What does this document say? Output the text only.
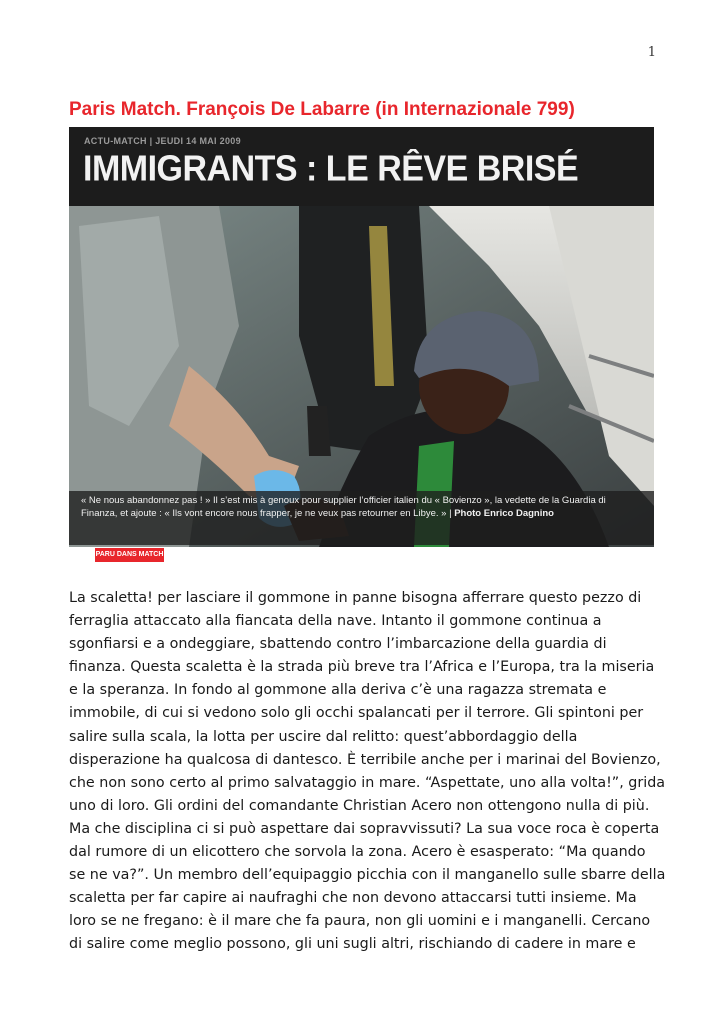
1
Paris Match. François De Labarre (in Internazionale 799)
ACTU-MATCH | JEUDI 14 MAI 2009
IMMIGRANTS : LE RÊVE BRISÉ
« Ne nous abandonnez pas ! » Il s’est mis à genoux pour supplier l’officier italien du « Bovienzo », la vedette de la Guardia di Finanza, et ajoute : « Ils vont encore nous frapper, je ne veux pas retourner en Libye. » | Photo Enrico Dagnino
PARU DANS MATCH
La scaletta! per lasciare il gommone in panne bisogna afferrare questo pezzo di
ferraglia attaccato alla fiancata della nave. Intanto il gommone continua a
sgonfiarsi e a ondeggiare, sbattendo contro l’imbarcazione della guardia di
finanza. Questa scaletta è la strada più breve tra l’Africa e l’Europa, tra la miseria
e la speranza. In fondo al gommone alla deriva c’è una ragazza stremata e
immobile, di cui si vedono solo gli occhi spalancati per il terrore. Gli spintoni per
salire sulla scala, la lotta per uscire dal relitto: quest’abbordaggio della
disperazione ha qualcosa di dantesco. È terribile anche per i marinai del Bovienzo,
che non sono certo al primo salvataggio in mare. “Aspettate, uno alla volta!”, grida
uno di loro. Gli ordini del comandante Christian Acero non ottengono nulla di più.
Ma che disciplina ci si può aspettare dai sopravvissuti? La sua voce roca è coperta
dal rumore di un elicottero che sorvola la zona. Acero è esasperato: “Ma quando
se ne va?”. Un membro dell’equipaggio picchia con il manganello sulle sbarre della
scaletta per far capire ai naufraghi che non devono attaccarsi tutti insieme. Ma
loro se ne fregano: è il mare che fa paura, non gli uomini e i manganelli. Cercano
di salire come meglio possono, gli uni sugli altri, rischiando di cadere in mare e
